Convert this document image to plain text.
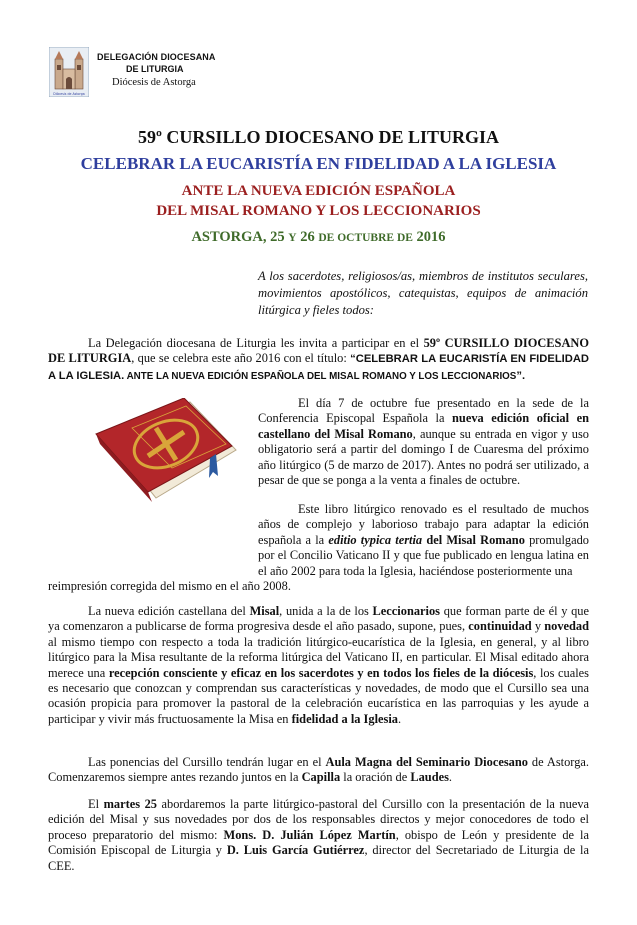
Diócesis de Astorga
DELEGACIÓN DIOCESANA
DE LITURGIA
Diócesis de Astorga
59º CURSILLO DIOCESANO DE LITURGIA
CELEBRAR LA EUCARISTÍA EN FIDELIDAD A LA IGLESIA
ANTE LA NUEVA EDICIÓN ESPAÑOLA
DEL MISAL ROMANO Y LOS LECCIONARIOS
ASTORGA, 25 Y 26 DE OCTUBRE DE 2016
A los sacerdotes, religiosos/as, miembros de institutos seculares, movimientos apostólicos, catequistas, equipos de animación litúrgica y fieles todos:

La Delegación diocesana de Liturgia les invita a participar en el 59º CURSILLO DIOCESANO DE LITURGIA, que se celebra este año 2016 con el título: “CELEBRAR LA EUCARISTÍA EN FIDELIDAD A LA IGLESIA. ANTE LA NUEVA EDICIÓN ESPAÑOLA DEL MISAL ROMANO Y LOS LECCIONARIOS”.

El día 7 de octubre fue presentado en la sede de la Conferencia Episcopal Española la nueva edición oficial en castellano del Misal Romano, aunque su entrada en vigor y uso obligatorio será a partir del domingo I de Cuaresma del próximo año litúrgico (5 de marzo de 2017). Antes no podrá ser utilizado, a pesar de que se ponga a la venta a finales de octubre.

Este libro litúrgico renovado es el resultado de muchos años de complejo y laborioso trabajo para adaptar la edición española a la editio typica tertia del Misal Romano promulgado por el Concilio Vaticano II y que fue publicado en lengua latina en el año 2002 para toda la Iglesia, haciéndose posteriormente una
reimpresión corregida del mismo en el año 2008.

La nueva edición castellana del Misal, unida a la de los Leccionarios que forman parte de él y que ya comenzaron a publicarse de forma progresiva desde el año pasado, supone, pues, continuidad y novedad al mismo tiempo con respecto a toda la tradición litúrgico-eucarística de la Iglesia, en general, y al libro litúrgico para la Misa resultante de la reforma litúrgica del Vaticano II, en particular. El Misal editado ahora merece una recepción consciente y eficaz en los sacerdotes y en todos los fieles de la diócesis, los cuales es necesario que conozcan y comprendan sus características y novedades, de modo que el Cursillo sea una ocasión propicia para promover la pastoral de la celebración eucarística en las parroquias y les ayude a participar y vivir más fructuosamente la Misa en fidelidad a la Iglesia.

Las ponencias del Cursillo tendrán lugar en el Aula Magna del Seminario Diocesano de Astorga. Comenzaremos siempre antes rezando juntos en la Capilla la oración de Laudes.

El martes 25 abordaremos la parte litúrgico-pastoral del Cursillo con la presentación de la nueva edición del Misal y sus novedades por dos de los responsables directos y mejor conocedores de todo el proceso preparatorio del mismo: Mons. D. Julián López Martín, obispo de León y presidente de la Comisión Episcopal de Liturgia y D. Luis García Gutiérrez, director del Secretariado de Liturgia de la CEE.
